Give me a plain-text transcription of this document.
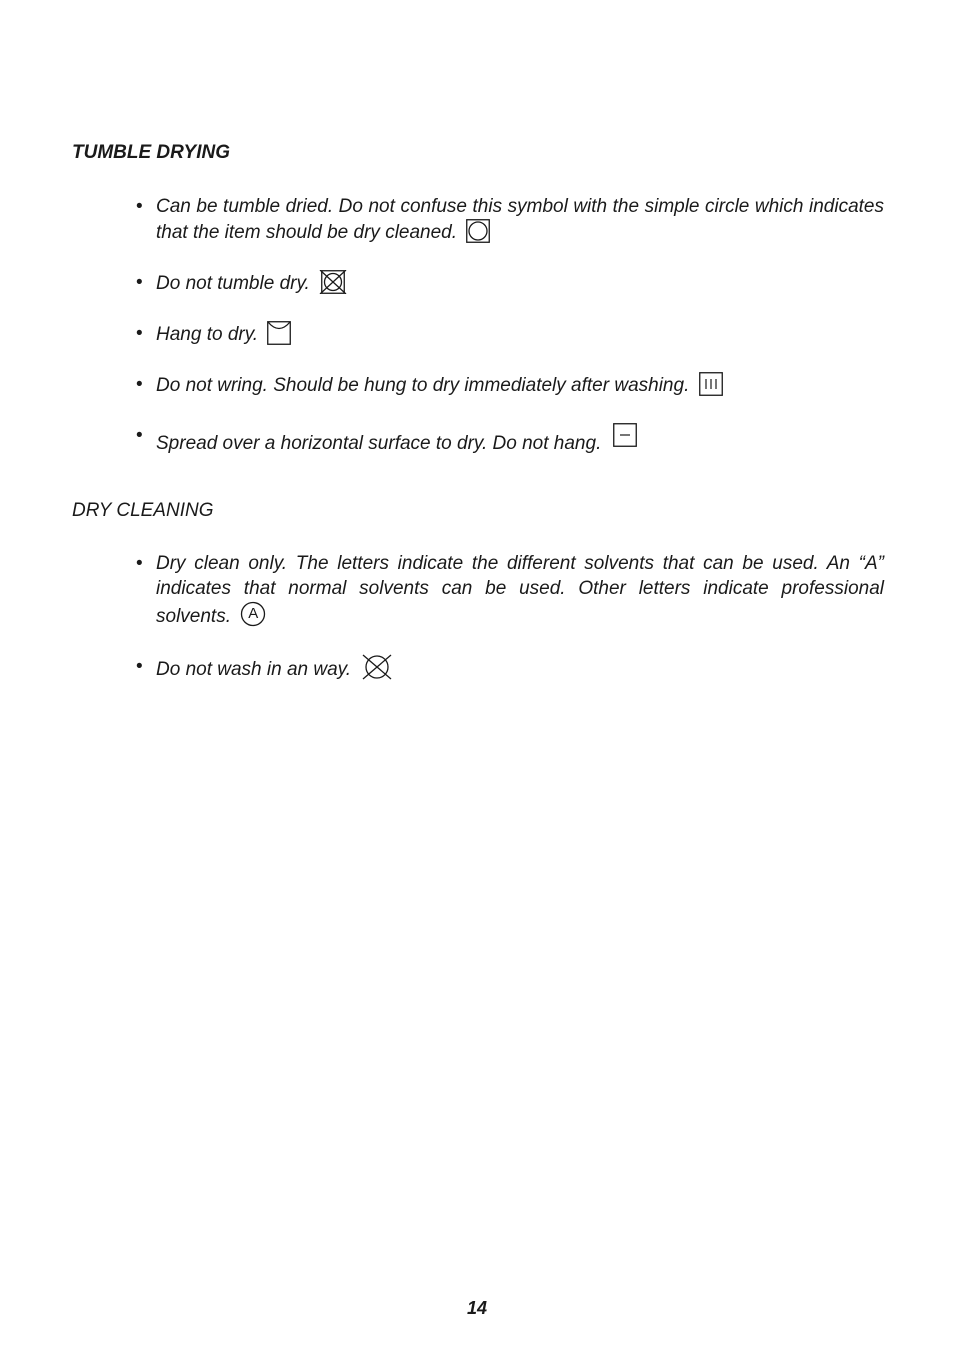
TUMBLE DRYING
• Can be tumble dried. Do not confuse this symbol with the simple circle which indicates that the item should be dry cleaned.
• Do not tumble dry.
• Hang to dry.
• Do not wring. Should be hung to dry immediately after washing.
• Spread over a horizontal surface to dry. Do not hang.
DRY CLEANING
• Dry clean only. The letters indicate the different solvents that can be used. An “A” indicates that normal solvents can be used. Other letters indicate professional solvents.	A
• Do not wash in an way.

14
